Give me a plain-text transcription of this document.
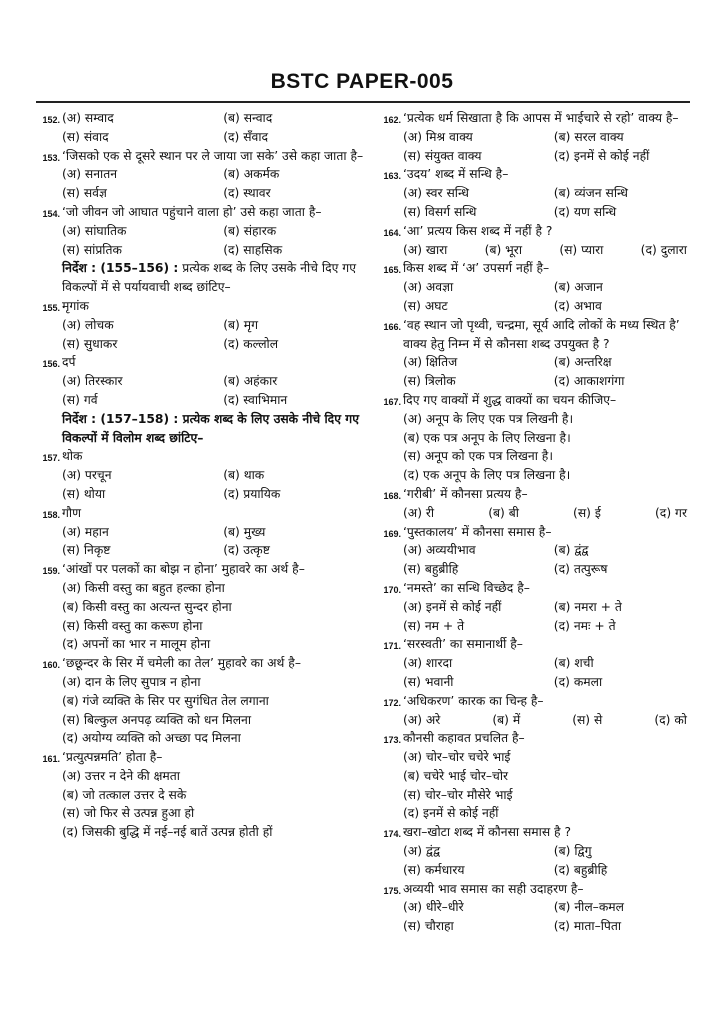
BSTC PAPER-005
152. (अ) सम्वाद	(ब) सन्वाद
(स) संवाद	(द) सँवाद
153. ‘जिसको एक से दूसरे स्थान पर ले जाया जा सके’ उसे कहा जाता है–
(अ) सनातन	(ब) अकर्मक
(स) सर्वज्ञ	(द) स्थावर
154. ‘जो जीवन जो आघात पहुंचाने वाला हो’ उसे कहा जाता है–
(अ) सांघातिक	(ब) संहारक
(स) सांप्रतिक	(द) साहसिक
निर्देश : (155–156) : प्रत्येक शब्द के लिए उसके नीचे दिए गए विकल्पों में से पर्यायवाची शब्द छांटिए–
155. मृगांक
(अ) लोचक	(ब) मृग
(स) सुधाकर	(द) कल्लोल
156. दर्प
(अ) तिरस्कार	(ब) अहंकार
(स) गर्व	(द) स्वाभिमान
निर्देश : (157–158) : प्रत्येक शब्द के लिए उसके नीचे दिए गए विकल्पों में विलोम शब्द छांटिए–
157. थोक
(अ) परचून	(ब) थाक
(स) थोया	(द) प्रयायिक
158. गौण
(अ) महान	(ब) मुख्य
(स) निकृष्ट	(द) उत्कृष्ट
159. ‘आंखों पर पलकों का बोझ न होना’ मुहावरे का अर्थ है–
(अ) किसी वस्तु का बहुत हल्का होना
(ब) किसी वस्तु का अत्यन्त सुन्दर होना
(स) किसी वस्तु का करूण होना
(द) अपनों का भार न मालूम होना
160. ‘छछून्दर के सिर में चमेली का तेल’ मुहावरे का अर्थ है–
(अ) दान के लिए सुपात्र न होना
(ब) गंजे व्यक्ति के सिर पर सुगंधित तेल लगाना
(स) बिल्कुल अनपढ़ व्यक्ति को धन मिलना
(द) अयोग्य व्यक्ति को अच्छा पद मिलना
161. ‘प्रत्युत्पन्नमति’ होता है–
(अ) उत्तर न देने की क्षमता
(ब) जो तत्काल उत्तर दे सके
(स) जो फिर से उत्पन्न हुआ हो
(द) जिसकी बुद्धि में नई–नई बातें उत्पन्न होती हों
162. ‘प्रत्येक धर्म सिखाता है कि आपस में भाईचारे से रहो’ वाक्य है–
(अ) मिश्र वाक्य	(ब) सरल वाक्य
(स) संयुक्त वाक्य	(द) इनमें से कोई नहीं
163. ‘उदय’ शब्द में सन्धि है–
(अ) स्वर सन्धि	(ब) व्यंजन सन्धि
(स) विसर्ग सन्धि	(द) यण सन्धि
164. ‘आ’ प्रत्यय किस शब्द में नहीं है ?
(अ) खारा	(ब) भूरा	(स) प्यारा	(द) दुलारा
165. किस शब्द में ‘अ’ उपसर्ग नहीं है–
(अ) अवज्ञा	(ब) अजान
(स) अघट	(द) अभाव
166. ‘वह स्थान जो पृथ्वी, चन्द्रमा, सूर्य आदि लोकों के मध्य स्थित है’ वाक्य हेतु निम्न में से कौनसा शब्द उपयुक्त है ?
(अ) क्षितिज	(ब) अन्तरिक्ष
(स) त्रिलोक	(द) आकाशगंगा
167. दिए गए वाक्यों में शुद्ध वाक्यों का चयन कीजिए–
(अ) अनूप के लिए एक पत्र लिखनी है।
(ब) एक पत्र अनूप के लिए लिखना है।
(स) अनूप को एक पत्र लिखना है।
(द) एक अनूप के लिए पत्र लिखना है।
168. ‘गरीबी’ में कौनसा प्रत्यय है–
(अ) री	(ब) बी	(स) ई	(द) गर
169. ‘पुस्तकालय’ में कौनसा समास है–
(अ) अव्ययीभाव	(ब) द्वंद्व
(स) बहुब्रीहि	(द) तत्पुरूष
170. ‘नमस्ते’ का सन्धि विच्छेद है–
(अ) इनमें से कोई नहीं	(ब) नमरा + ते
(स) नम + ते	(द) नमः + ते
171. ‘सरस्वती’ का समानार्थी है–
(अ) शारदा	(ब) शची
(स) भवानी	(द) कमला
172. ‘अधिकरण’ कारक का चिन्ह है–
(अ) अरे	(ब) में	(स) से	(द) को
173. कौनसी कहावत प्रचलित है–
(अ) चोर–चोर चचेरे भाई
(ब) चचेरे भाई चोर–चोर
(स) चोर–चोर मौसेरे भाई
(द) इनमें से कोई नहीं
174. खरा–खोटा शब्द में कौनसा समास है ?
(अ) द्वंद्व	(ब) द्विगु
(स) कर्मधारय	(द) बहुब्रीहि
175. अव्ययी भाव समास का सही उदाहरण है–
(अ) धीरे–धीरे	(ब) नील–कमल
(स) चौराहा	(द) माता–पिता
